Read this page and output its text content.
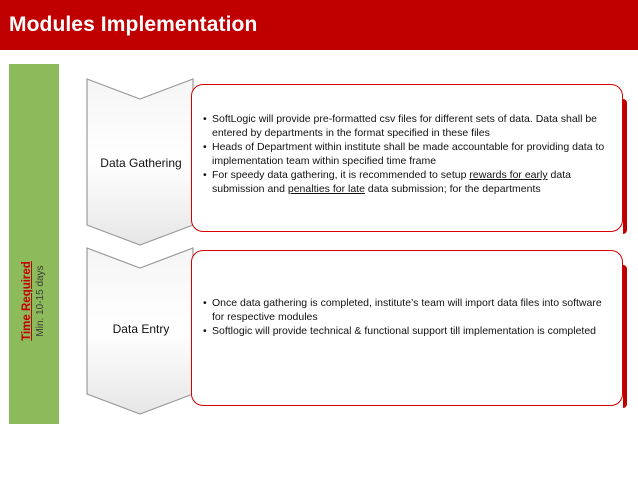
Modules Implementation
Time Required Min. 10-15 days
Data Gathering
Data Entry
• SoftLogic will provide pre-formatted csv files for different sets of data. Data shall be entered by departments in the format specified in these files
• Heads of Department within institute shall be made accountable for providing data to implementation team within specified time frame
• For speedy data gathering, it is recommended to setup rewards for early data submission and penalties for late data submission; for the departments
• Once data gathering is completed, institute’s team will import data files into software for respective modules
• Softlogic will provide technical & functional support till implementation is completed
